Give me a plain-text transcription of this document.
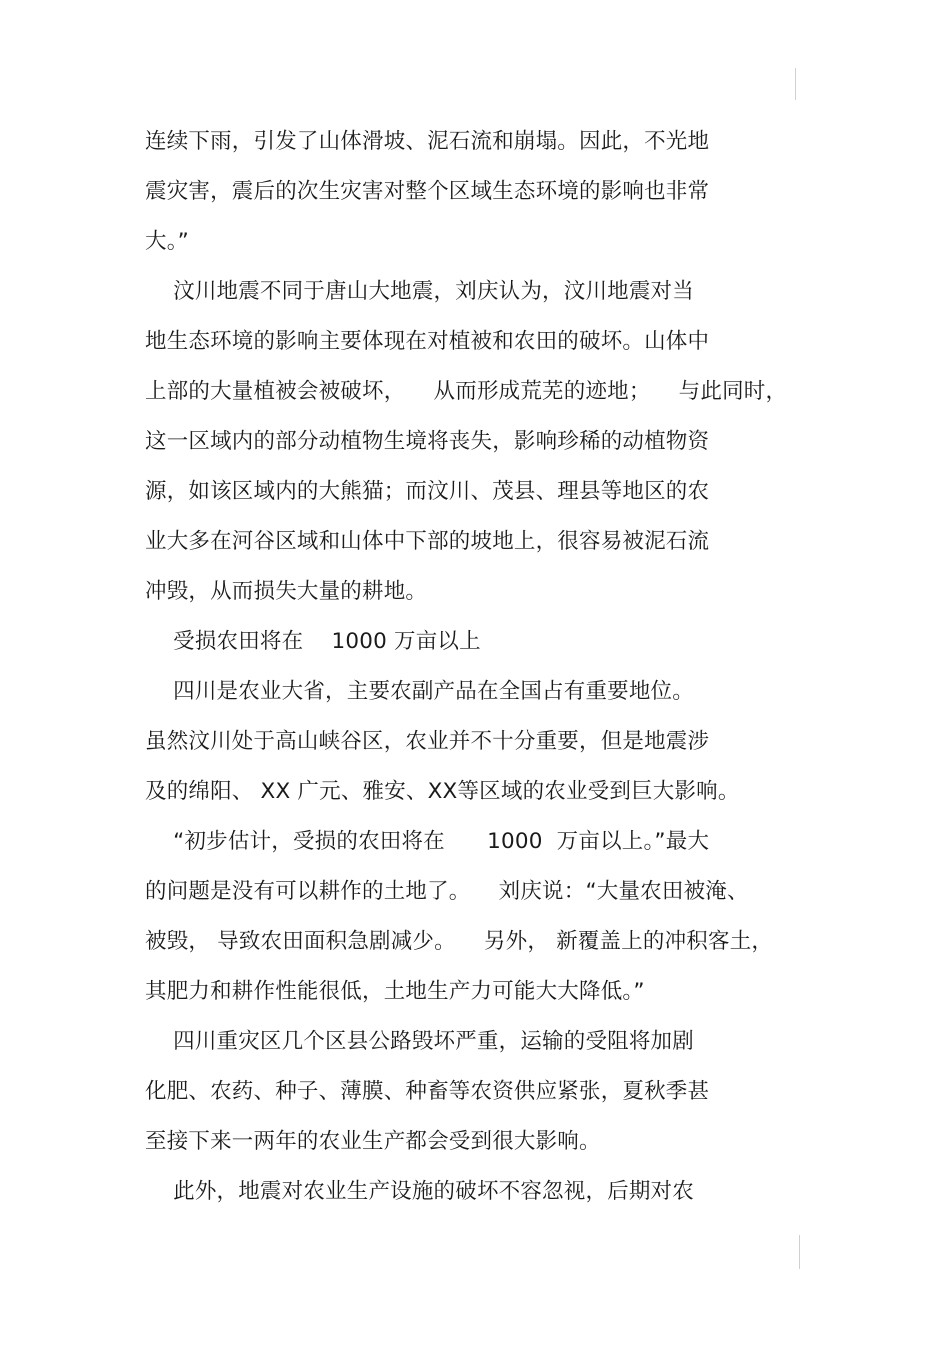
连续下雨，引发了山体滑坡、泥石流和崩塌。因此，不光地
震灾害，震后的次生灾害对整个区域生态环境的影响也非常
大。”
汶川地震不同于唐山大地震，刘庆认为，汶川地震对当
地生态环境的影响主要体现在对植被和农田的破坏。山体中
上部的大量植被会被破坏，    从而形成荒芜的迹地；    与此同时，
这一区域内的部分动植物生境将丧失，影响珍稀的动植物资
源，如该区域内的大熊猫；而汶川、茂县、理县等地区的农
业大多在河谷区域和山体中下部的坡地上，很容易被泥石流
冲毁，从而损失大量的耕地。
受损农田将在    1000 万亩以上
四川是农业大省，主要农副产品在全国占有重要地位。
虽然汶川处于高山峡谷区，农业并不十分重要，但是地震涉
及的绵阳、 XX 广元、雅安、XX等区域的农业受到巨大影响。
“初步估计，受损的农田将在      1000  万亩以上。”最大
的问题是没有可以耕作的土地了。    刘庆说：“大量农田被淹、
被毁， 导致农田面积急剧减少。    另外， 新覆盖上的冲积客土，
其肥力和耕作性能很低，土地生产力可能大大降低。”
四川重灾区几个区县公路毁坏严重，运输的受阻将加剧
化肥、农药、种子、薄膜、种畜等农资供应紧张，夏秋季甚
至接下来一两年的农业生产都会受到很大影响。
此外，地震对农业生产设施的破坏不容忽视，后期对农
